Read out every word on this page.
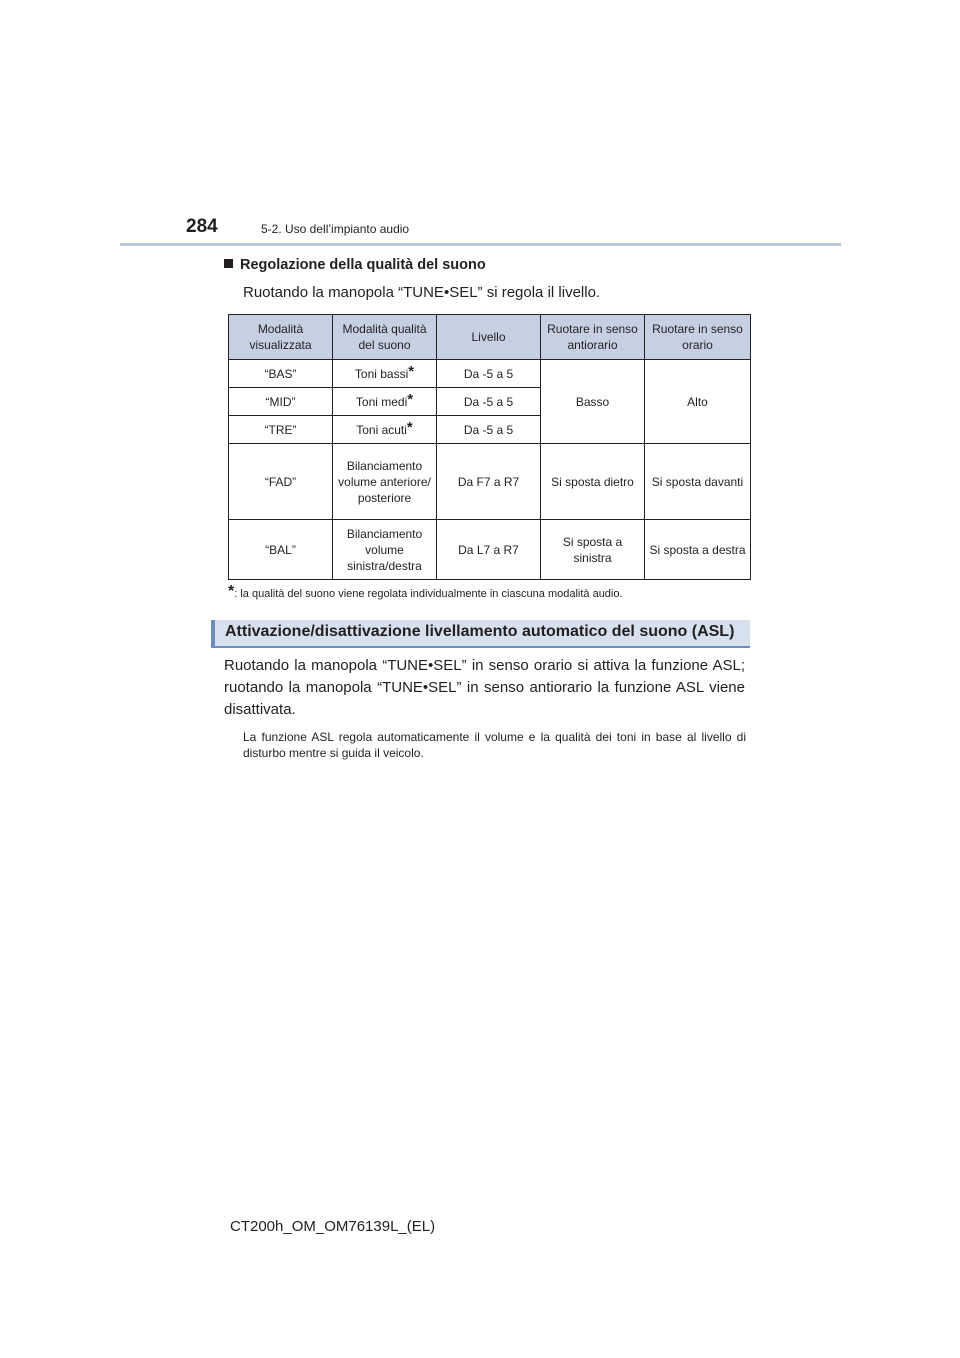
284	5-2. Uso dell’impianto audio
Regolazione della qualità del suono
Ruotando la manopola “TUNE•SEL” si regola il livello.
Modalità visualizzata	Modalità qualità del suono	Livello	Ruotare in senso antiorario	Ruotare in senso orario
“BAS”	Toni bassi*	Da -5 a 5	Basso	Alto
“MID”	Toni medi*	Da -5 a 5		
“TRE”	Toni acuti*	Da -5 a 5		
“FAD”	Bilanciamento volume anteriore/ posteriore	Da F7 a R7	Si sposta dietro	Si sposta davanti
“BAL”	Bilanciamento volume sinistra/destra	Da L7 a R7	Si sposta a sinistra	Si sposta a destra
*: la qualità del suono viene regolata individualmente in ciascuna modalità audio.
Attivazione/disattivazione livellamento automatico del suono (ASL)
Ruotando la manopola “TUNE•SEL” in senso orario si attiva la funzione ASL; ruotando la manopola “TUNE•SEL” in senso antiorario la funzione ASL viene disattivata.
La funzione ASL regola automaticamente il volume e la qualità dei toni in base al livello di disturbo mentre si guida il veicolo.
CT200h_OM_OM76139L_(EL)
